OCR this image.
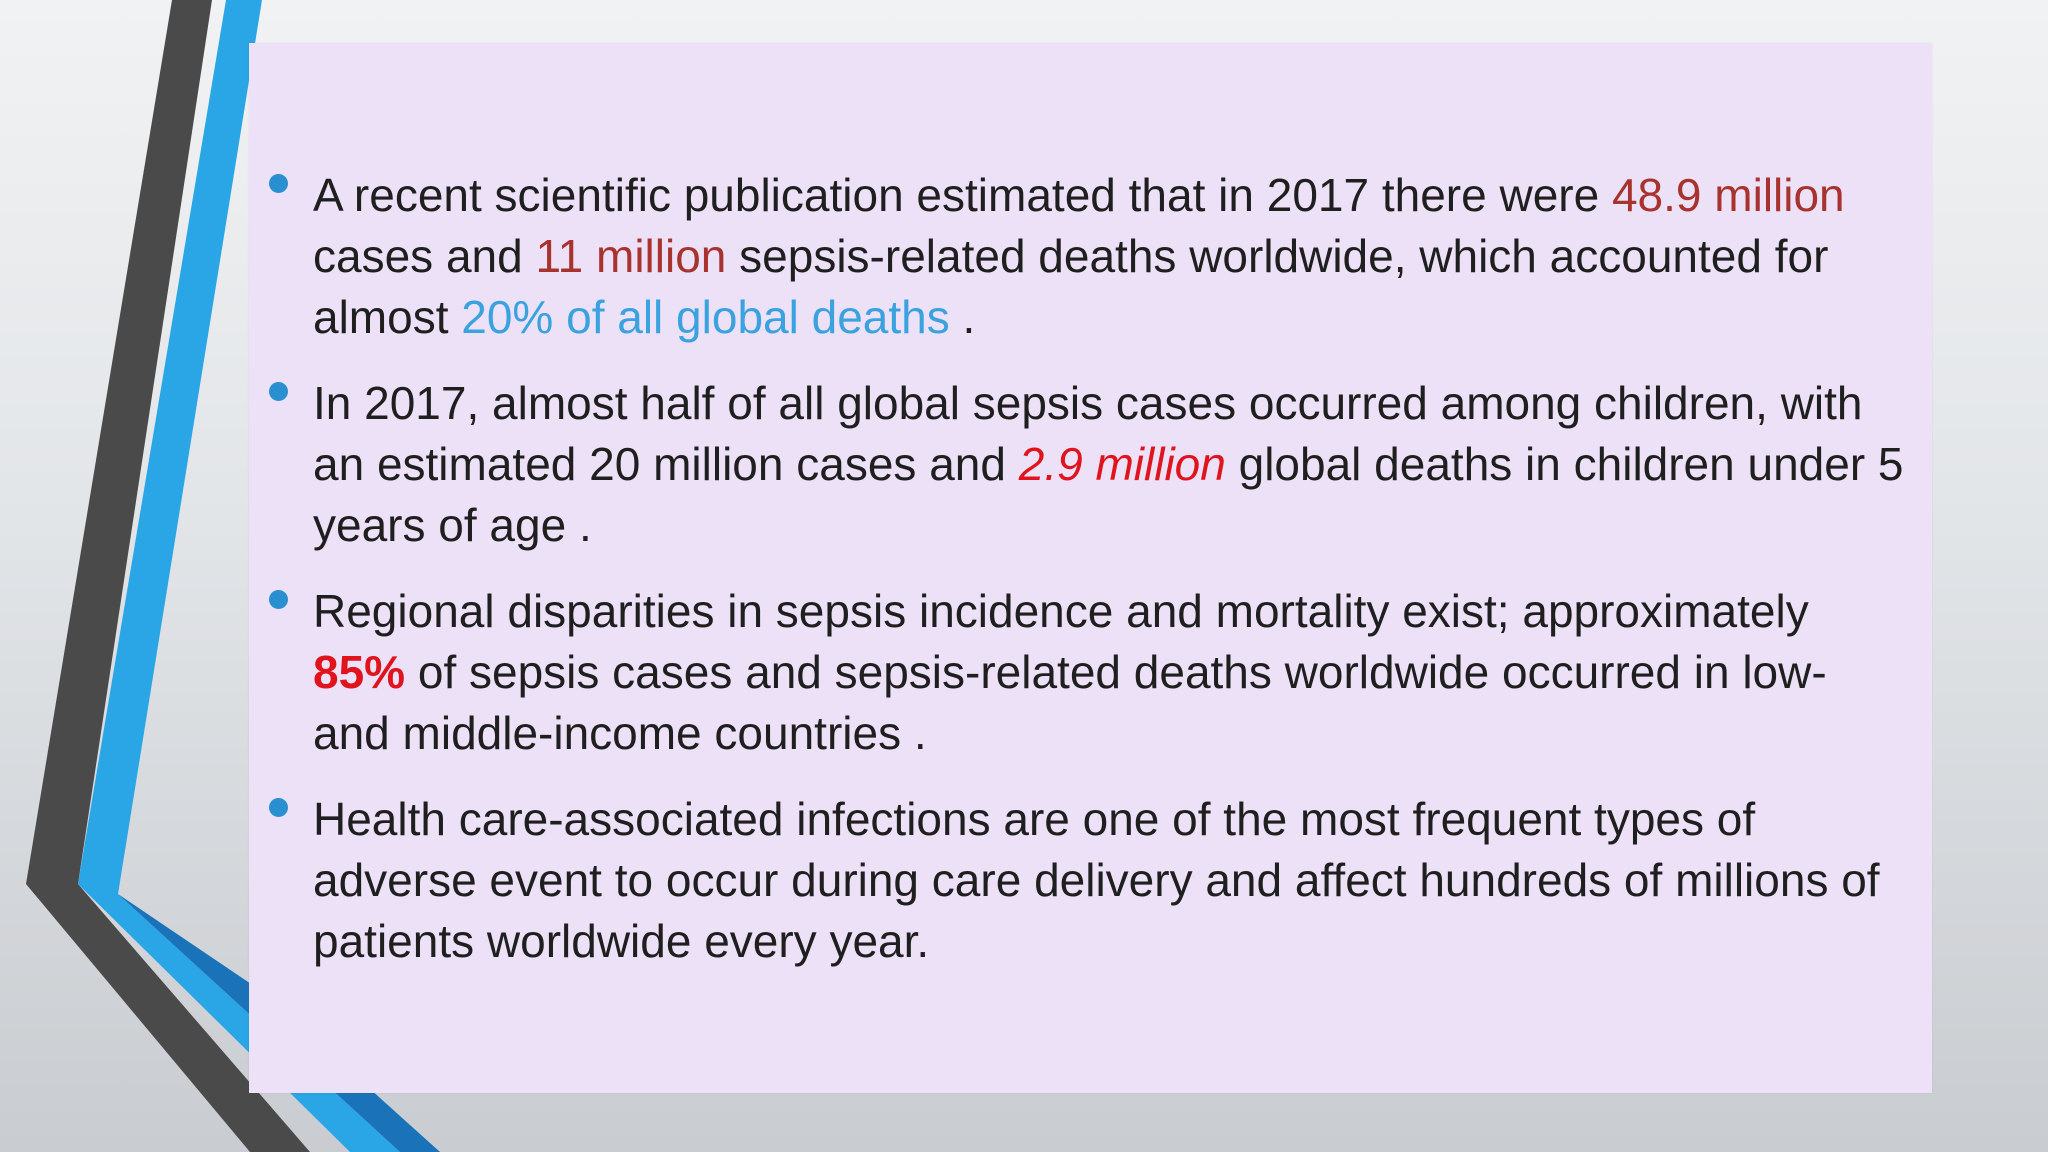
A recent scientific publication estimated that in 2017 there were 48.9 million cases and 11 million sepsis-related deaths worldwide, which accounted for almost 20% of all global deaths .
In 2017, almost half of all global sepsis cases occurred among children, with an estimated 20 million cases and 2.9 million global deaths in children under 5 years of age .
Regional disparities in sepsis incidence and mortality exist; approximately 85% of sepsis cases and sepsis-related deaths worldwide occurred in low- and middle-income countries .
Health care-associated infections are one of the most frequent types of adverse event to occur during care delivery and affect hundreds of millions of patients worldwide every year.
